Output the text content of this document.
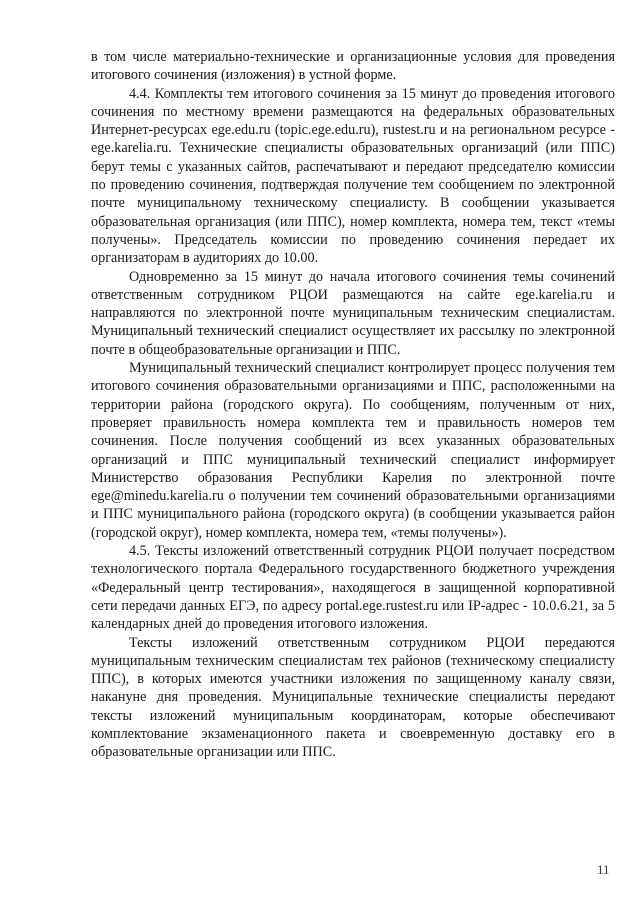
в том числе материально-технические и организационные условия для проведения итогового сочинения (изложения) в устной форме.

4.4. Комплекты тем итогового сочинения за 15 минут до проведения итогового сочинения по местному времени размещаются на федеральных образовательных Интернет-ресурсах ege.edu.ru (topic.ege.edu.ru), rustest.ru и на региональном ресурсе - ege.karelia.ru. Технические специалисты образовательных организаций (или ППС) берут темы с указанных сайтов, распечатывают и передают председателю комиссии по проведению сочинения, подтверждая получение тем сообщением по электронной почте муниципальному техническому специалисту. В сообщении указывается образовательная организация (или ППС), номер комплекта, номера тем, текст «темы получены». Председатель комиссии по проведению сочинения передает их организаторам в аудиториях до 10.00.

Одновременно за 15 минут до начала итогового сочинения темы сочинений ответственным сотрудником РЦОИ размещаются на сайте ege.karelia.ru и направляются по электронной почте муниципальным техническим специалистам. Муниципальный технический специалист осуществляет их рассылку по электронной почте в общеобразовательные организации и ППС.

Муниципальный технический специалист контролирует процесс получения тем итогового сочинения образовательными организациями и ППС, расположенными на территории района (городского округа). По сообщениям, полученным от них, проверяет правильность номера комплекта тем и правильность номеров тем сочинения. После получения сообщений из всех указанных образовательных организаций и ППС муниципальный технический специалист информирует Министерство образования Республики Карелия по электронной почте ege@minedu.karelia.ru о получении тем сочинений образовательными организациями и ППС муниципального района (городского округа) (в сообщении указывается район (городской округ), номер комплекта, номера тем, «темы получены»).

4.5. Тексты изложений ответственный сотрудник РЦОИ получает посредством технологического портала Федерального государственного бюджетного учреждения «Федеральный центр тестирования», находящегося в защищенной корпоративной сети передачи данных ЕГЭ, по адресу portal.ege.rustest.ru или IP-адрес - 10.0.6.21, за 5 календарных дней до проведения итогового изложения.

Тексты изложений ответственным сотрудником РЦОИ передаются муниципальным техническим специалистам тех районов (техническому специалисту ППС), в которых имеются участники изложения по защищенному каналу связи, накануне дня проведения. Муниципальные технические специалисты передают тексты изложений муниципальным координаторам, которые обеспечивают комплектование экзаменационного пакета и своевременную доставку его в образовательные организации или ППС.

11
